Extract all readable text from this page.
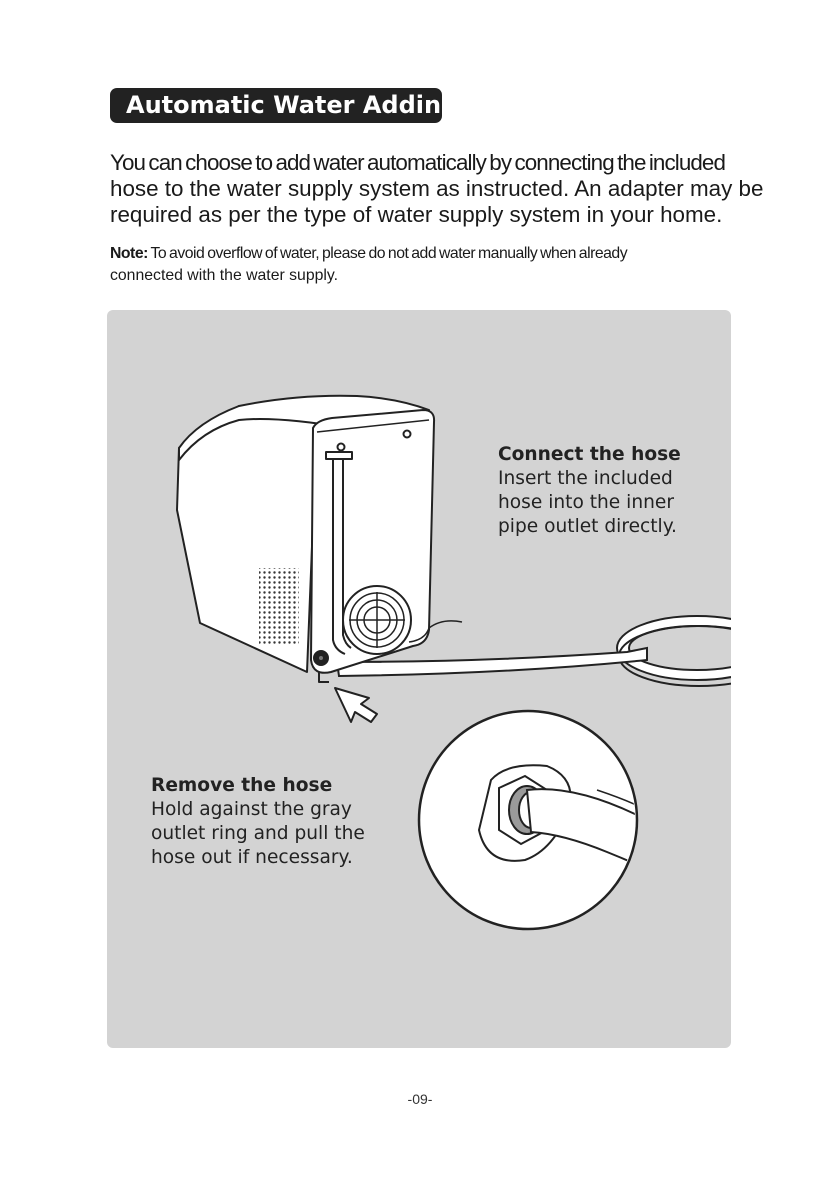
Automatic Water Adding
You can choose to add water automatically by connecting the included
hose to the water supply system as instructed. An adapter may be
required as per the type of water supply system in your home.
Note: To avoid overflow of water, please do not add water manually when already
connected with the water supply.
Connect the hose
Insert the included
hose into the inner
pipe outlet directly.
Remove the hose
Hold against the gray
outlet ring and pull the
hose out if necessary.
-09-
